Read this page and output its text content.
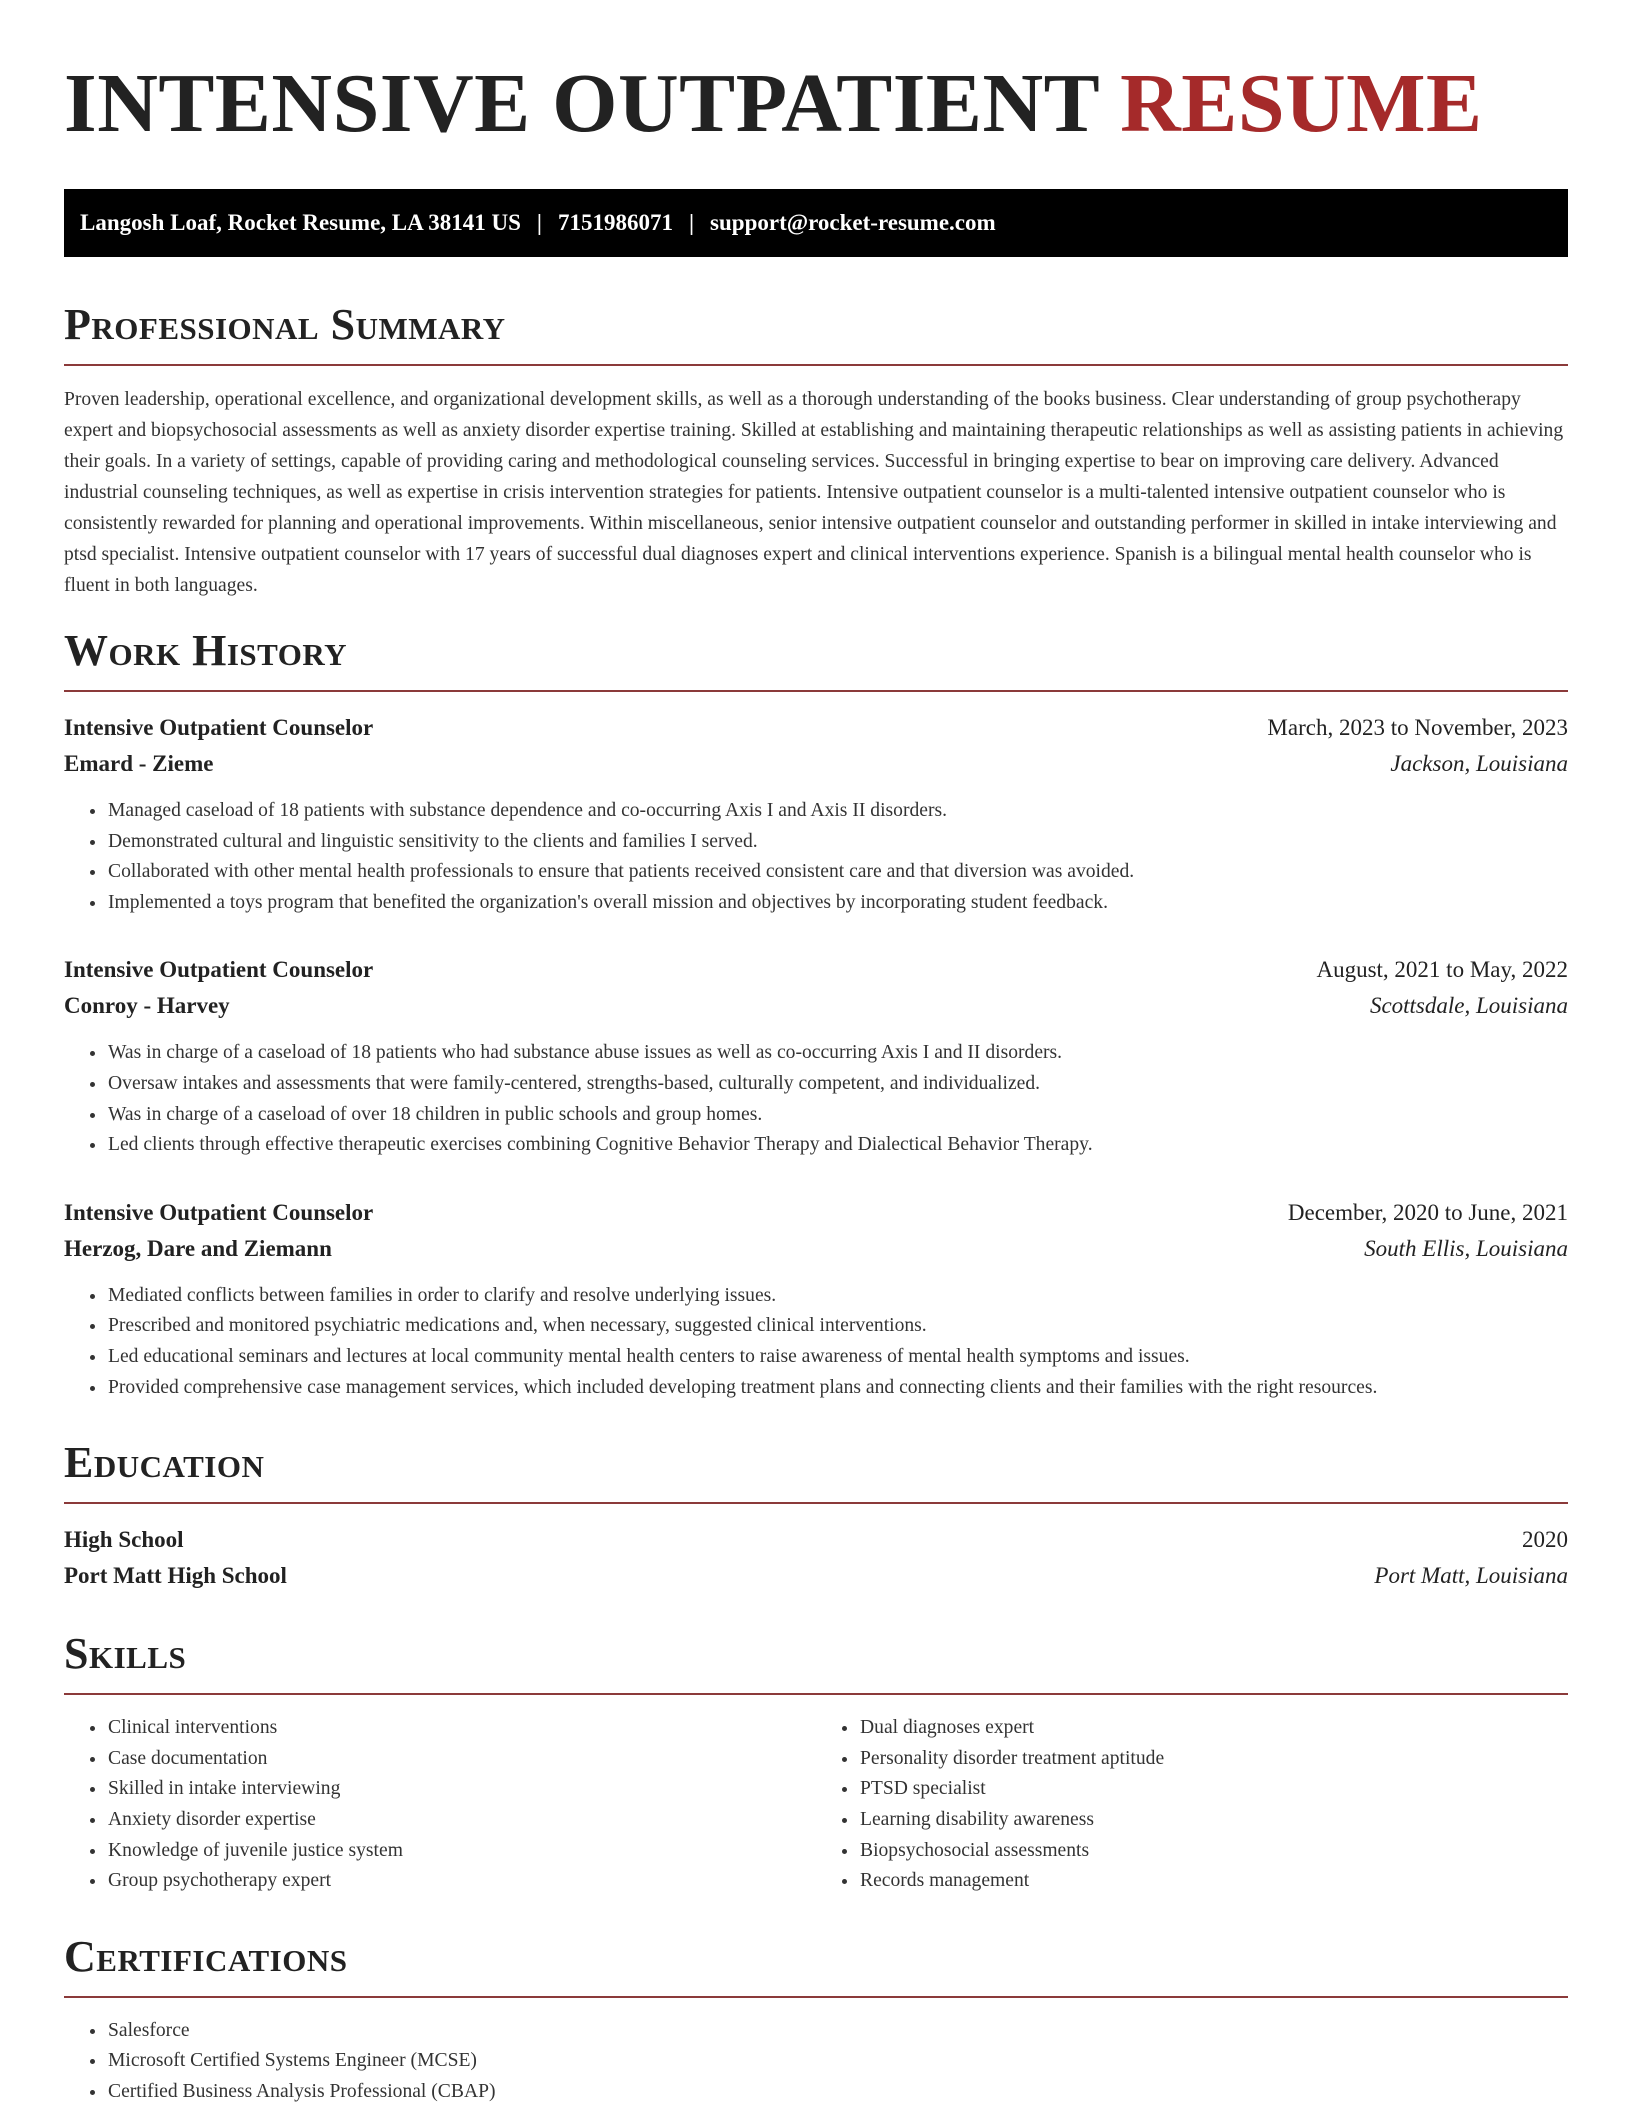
INTENSIVE OUTPATIENT RESUME
Langosh Loaf, Rocket Resume, LA 38141 US | 7151986071 | support@rocket-resume.com
Professional Summary

Proven leadership, operational excellence, and organizational development skills, as well as a thorough understanding of the books business. Clear understanding of group psychotherapy expert and biopsychosocial assessments as well as anxiety disorder expertise training. Skilled at establishing and maintaining therapeutic relationships as well as assisting patients in achieving their goals. In a variety of settings, capable of providing caring and methodological counseling services. Successful in bringing expertise to bear on improving care delivery. Advanced industrial counseling techniques, as well as expertise in crisis intervention strategies for patients. Intensive outpatient counselor is a multi-talented intensive outpatient counselor who is consistently rewarded for planning and operational improvements. Within miscellaneous, senior intensive outpatient counselor and outstanding performer in skilled in intake interviewing and ptsd specialist. Intensive outpatient counselor with 17 years of successful dual diagnoses expert and clinical interventions experience. Spanish is a bilingual mental health counselor who is fluent in both languages.

Work History
Intensive Outpatient Counselor	March, 2023 to November, 2023
Emard - Zieme	Jackson, Louisiana
• Managed caseload of 18 patients with substance dependence and co-occurring Axis I and Axis II disorders.
• Demonstrated cultural and linguistic sensitivity to the clients and families I served.
• Collaborated with other mental health professionals to ensure that patients received consistent care and that diversion was avoided.
• Implemented a toys program that benefited the organization's overall mission and objectives by incorporating student feedback.
Intensive Outpatient Counselor	August, 2021 to May, 2022
Conroy - Harvey	Scottsdale, Louisiana
• Was in charge of a caseload of 18 patients who had substance abuse issues as well as co-occurring Axis I and II disorders.
• Oversaw intakes and assessments that were family-centered, strengths-based, culturally competent, and individualized.
• Was in charge of a caseload of over 18 children in public schools and group homes.
• Led clients through effective therapeutic exercises combining Cognitive Behavior Therapy and Dialectical Behavior Therapy.
Intensive Outpatient Counselor	December, 2020 to June, 2021
Herzog, Dare and Ziemann	South Ellis, Louisiana
• Mediated conflicts between families in order to clarify and resolve underlying issues.
• Prescribed and monitored psychiatric medications and, when necessary, suggested clinical interventions.
• Led educational seminars and lectures at local community mental health centers to raise awareness of mental health symptoms and issues.
• Provided comprehensive case management services, which included developing treatment plans and connecting clients and their families with the right resources.
Education
High School	2020
Port Matt High School	Port Matt, Louisiana
Skills
• Clinical interventions
• Case documentation
• Skilled in intake interviewing
• Anxiety disorder expertise
• Knowledge of juvenile justice system
• Group psychotherapy expert
• Dual diagnoses expert
• Personality disorder treatment aptitude
• PTSD specialist
• Learning disability awareness
• Biopsychosocial assessments
• Records management
Certifications
• Salesforce
• Microsoft Certified Systems Engineer (MCSE)
• Certified Business Analysis Professional (CBAP)
